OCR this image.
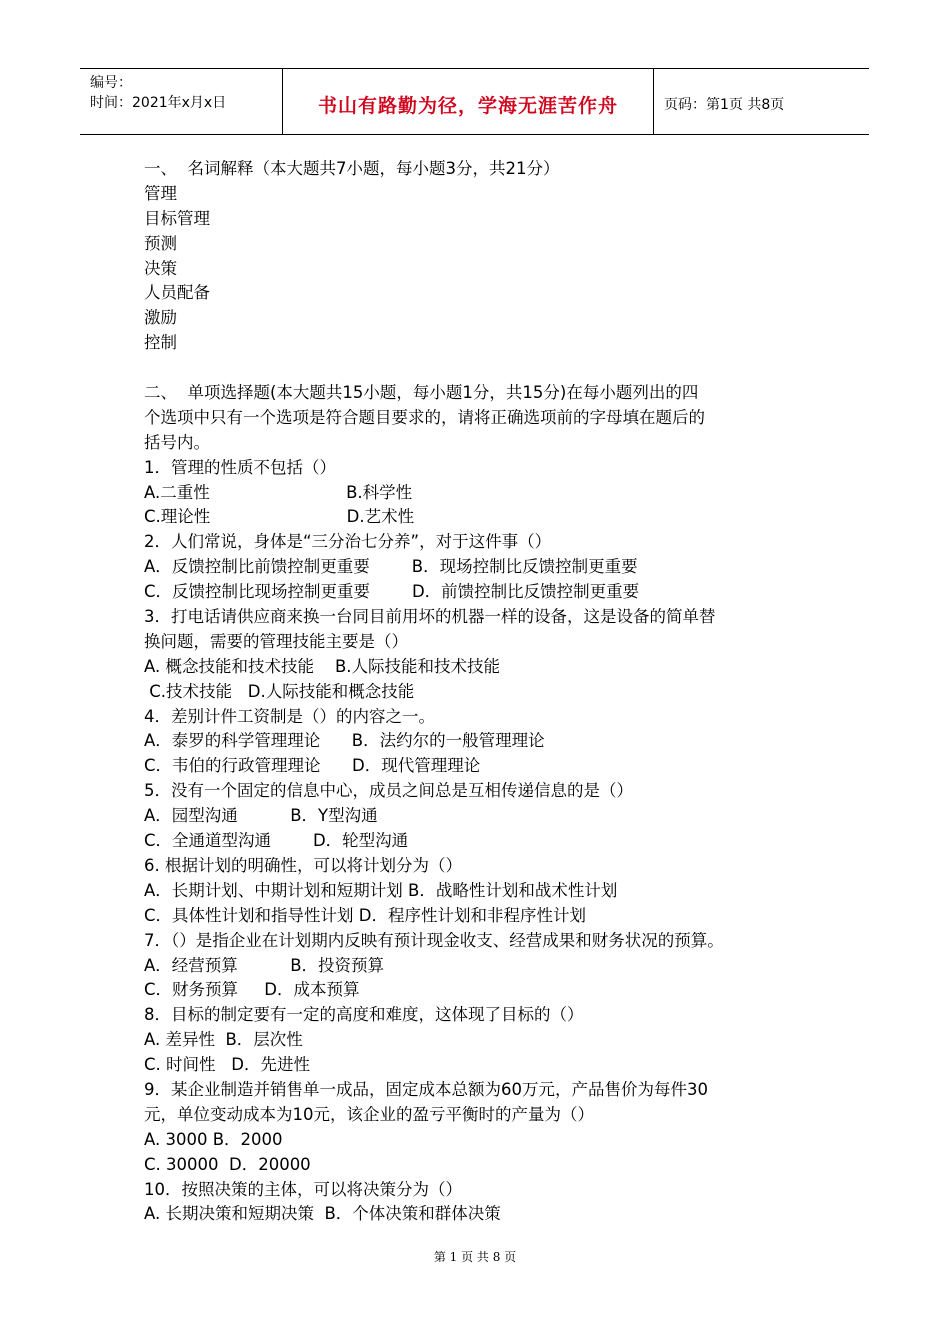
编号：
时间：2021年x月x日	书山有路勤为径，学海无涯苦作舟	页码：第1页 共8页
一、  名词解释（本大题共7小题，每小题3分，共21分）
管理
目标管理
预测
决策
人员配备
激励
控制
二、  单项选择题(本大题共15小题，每小题1分，共15分)在每小题列出的四
个选项中只有一个选项是符合题目要求的，请将正确选项前的字母填在题后的
括号内。
1．管理的性质不包括（）
A.二重性                          B.科学性
C.理论性                          D.艺术性
2．人们常说，身体是“三分治七分养”，对于这件事（）
A．反馈控制比前馈控制更重要        B．现场控制比反馈控制更重要
C．反馈控制比现场控制更重要        D．前馈控制比反馈控制更重要
3．打电话请供应商来换一台同目前用坏的机器一样的设备，这是设备的简单替
换问题，需要的管理技能主要是（）
A. 概念技能和技术技能    B.人际技能和技术技能
C.技术技能   D.人际技能和概念技能
4．差别计件工资制是（）的内容之一。
A．泰罗的科学管理理论      B．法约尔的一般管理理论
C．韦伯的行政管理理论      D．现代管理理论
5．没有一个固定的信息中心，成员之间总是互相传递信息的是（）
A．园型沟通          B．Y型沟通
C．全通道型沟通        D．轮型沟通
6. 根据计划的明确性，可以将计划分为（）
A．长期计划、中期计划和短期计划 B．战略性计划和战术性计划
C．具体性计划和指导性计划 D．程序性计划和非程序性计划
7．（）是指企业在计划期内反映有预计现金收支、经营成果和财务状况的预算。
A．经营预算          B．投资预算
C．财务预算     D．成本预算
8．目标的制定要有一定的高度和难度，这体现了目标的（）
A. 差异性  B．层次性
C. 时间性   D．先进性
9．某企业制造并销售单一成品，固定成本总额为60万元，产品售价为每件30
元，单位变动成本为10元，该企业的盈亏平衡时的产量为（）
A. 3000 B．2000
C. 30000  D．20000
10．按照决策的主体，可以将决策分为（）
A. 长期决策和短期决策  B．个体决策和群体决策
第 1 页 共 8 页
